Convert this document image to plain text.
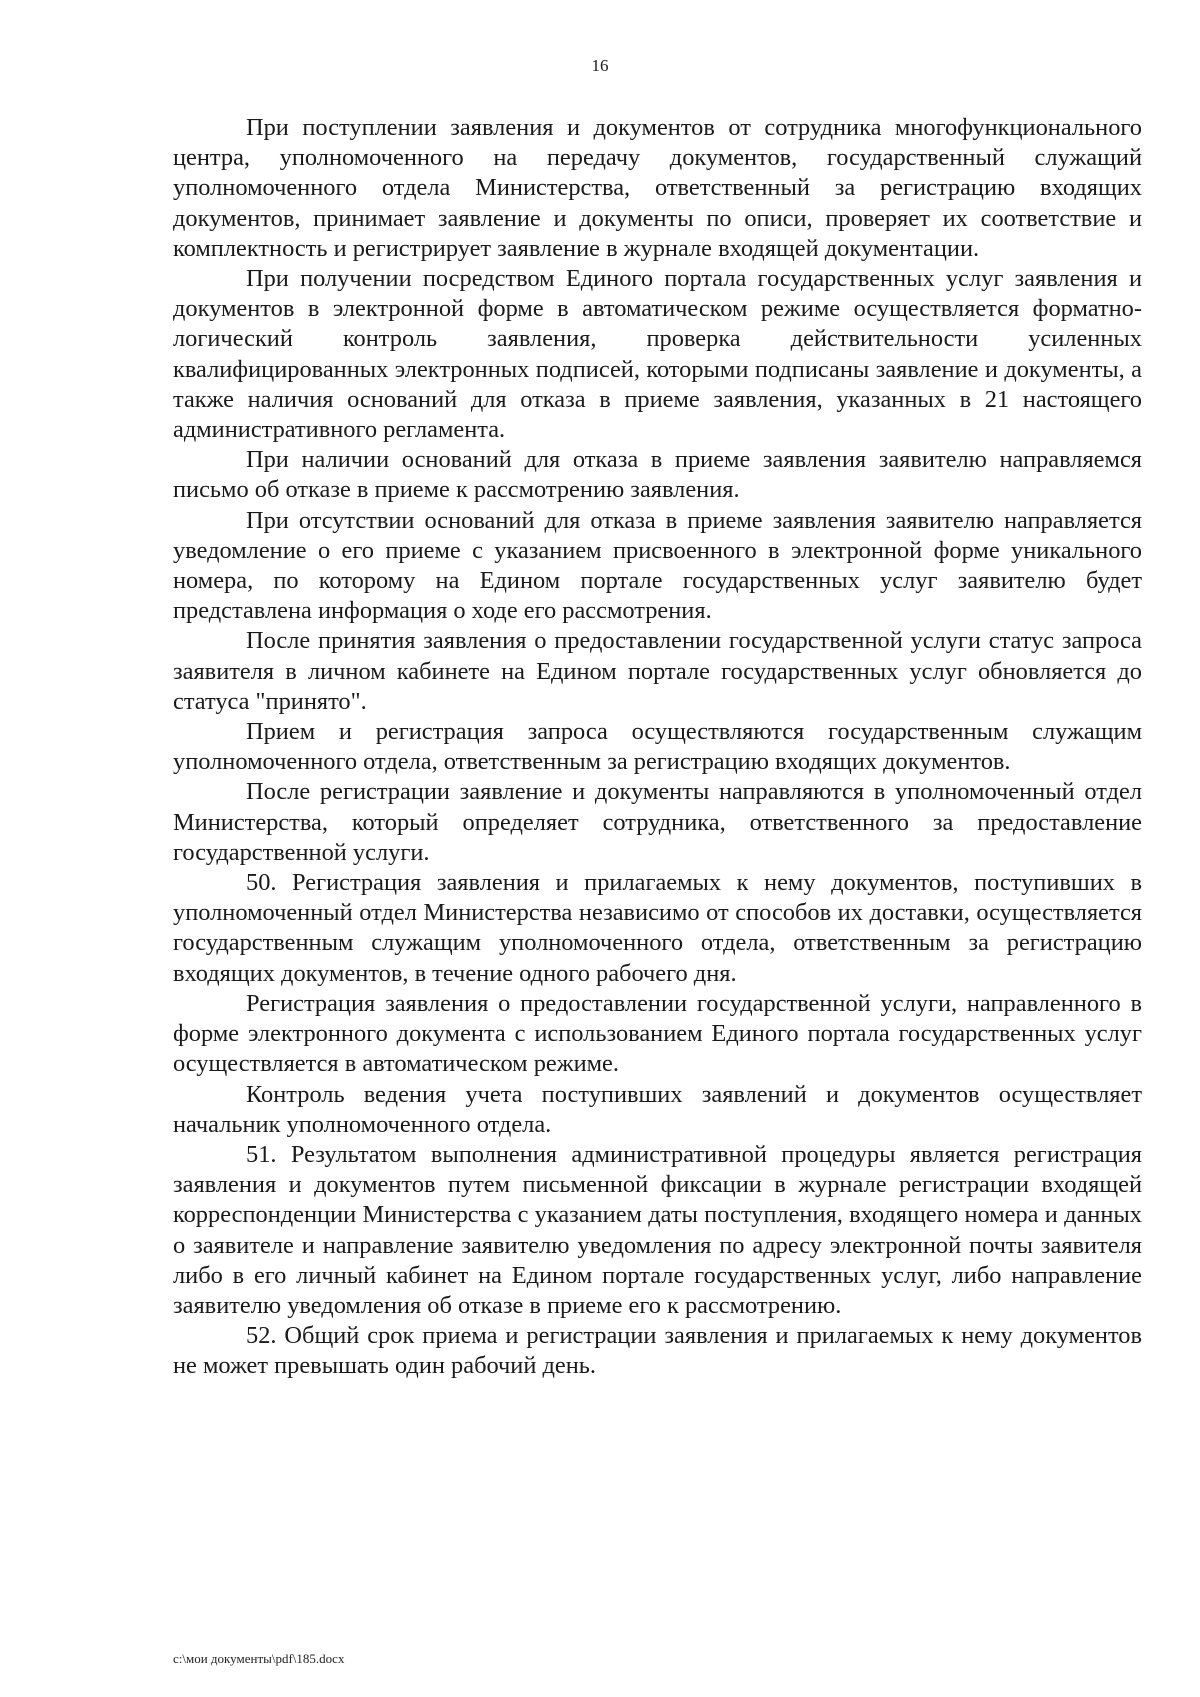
16

При поступлении заявления и документов от сотрудника многофункционального центра, уполномоченного на передачу документов, государственный служащий уполномоченного отдела Министерства, ответственный за регистрацию входящих документов, принимает заявление и документы по описи, проверяет их соответствие и комплектность и регистрирует заявление в журнале входящей документации.

При получении посредством Единого портала государственных услуг заявления и документов в электронной форме в автоматическом режиме осуществляется форматно-логический контроль заявления, проверка действительности усиленных квалифицированных электронных подписей, которыми подписаны заявление и документы, а также наличия оснований для отказа в приеме заявления, указанных в 21 настоящего административного регламента.

При наличии оснований для отказа в приеме заявления заявителю направляемся письмо об отказе в приеме к рассмотрению заявления.

При отсутствии оснований для отказа в приеме заявления заявителю направляется уведомление о его приеме с указанием присвоенного в электронной форме уникального номера, по которому на Едином портале государственных услуг заявителю будет представлена информация о ходе его рассмотрения.

После принятия заявления о предоставлении государственной услуги статус запроса заявителя в личном кабинете на Едином портале государственных услуг обновляется до статуса "принято".

Прием и регистрация запроса осуществляются государственным служащим уполномоченного отдела, ответственным за регистрацию входящих документов.

После регистрации заявление и документы направляются в уполномоченный отдел Министерства, который определяет сотрудника, ответственного за предоставление государственной услуги.

50. Регистрация заявления и прилагаемых к нему документов, поступивших в уполномоченный отдел Министерства независимо от способов их доставки, осуществляется государственным служащим уполномоченного отдела, ответственным за регистрацию входящих документов, в течение одного рабочего дня.

Регистрация заявления о предоставлении государственной услуги, направленного в форме электронного документа с использованием Единого портала государственных услуг осуществляется в автоматическом режиме.

Контроль ведения учета поступивших заявлений и документов осуществляет начальник уполномоченного отдела.

51. Результатом выполнения административной процедуры является регистрация заявления и документов путем письменной фиксации в журнале регистрации входящей корреспонденции Министерства с указанием даты поступления, входящего номера и данных о заявителе и направление заявителю уведомления по адресу электронной почты заявителя либо в его личный кабинет на Едином портале государственных услуг, либо направление заявителю уведомления об отказе в приеме его к рассмотрению.

52. Общий срок приема и регистрации заявления и прилагаемых к нему документов не может превышать один рабочий день.

c:\мои документы\pdf\185.docx
